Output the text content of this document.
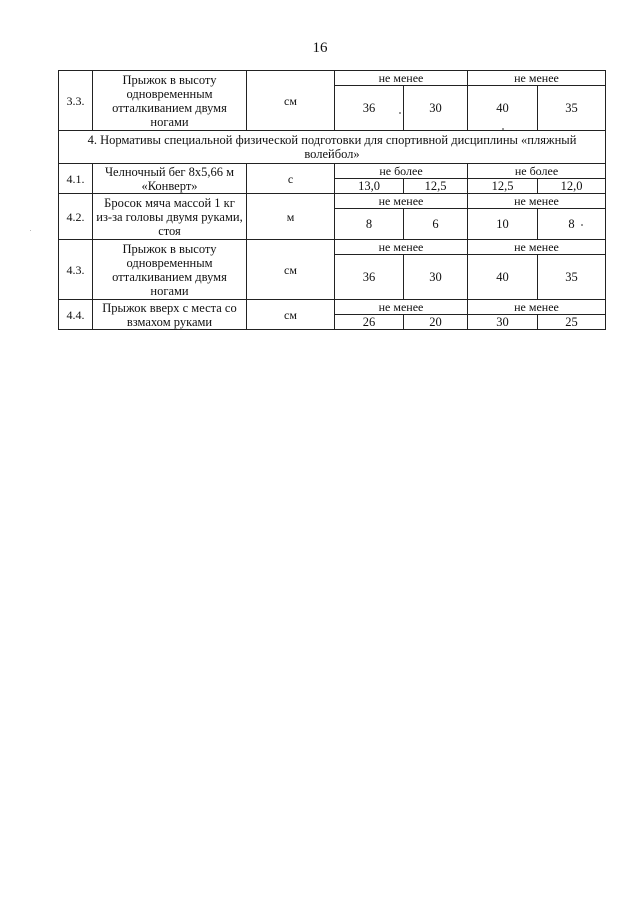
16
3.3.	Прыжок в высоту одновременным отталкиванием двумя ногами	см	не менее		не менее	
			36	30	40	35
4. Нормативы специальной физической подготовки для спортивной дисциплины «пляжный волейбол»						
4.1.	Челночный бег 8х5,66 м «Конверт»	с	не более		не более	
			13,0	12,5	12,5	12,0
4.2.	Бросок мяча массой 1 кг из-за головы двумя руками, стоя	м	не менее		не менее	
			8	6	10	8
4.3.	Прыжок в высоту одновременным отталкиванием двумя ногами	см	не менее		не менее	
			36	30	40	35
4.4.	Прыжок вверх с места со взмахом руками	см	не менее		не менее	
			26	20	30	25
